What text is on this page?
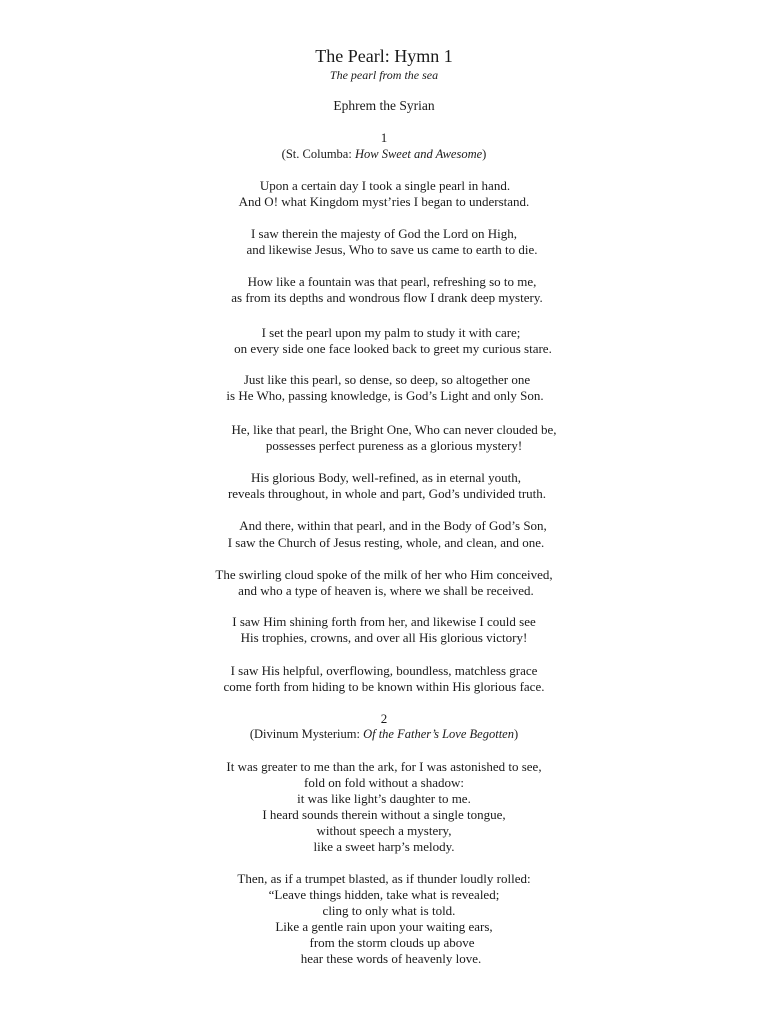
The Pearl: Hymn 1
The pearl from the sea
Ephrem the Syrian
1
(St. Columba: How Sweet and Awesome)
Upon a certain day I took a single pearl in hand.
And O! what Kingdom myst’ries I began to understand.
I saw therein the majesty of God the Lord on High,
and likewise Jesus, Who to save us came to earth to die.
How like a fountain was that pearl, refreshing so to me,
as from its depths and wondrous flow I drank deep mystery.
I set the pearl upon my palm to study it with care;
on every side one face looked back to greet my curious stare.
Just like this pearl, so dense, so deep, so altogether one
is He Who, passing knowledge, is God’s Light and only Son.
He, like that pearl, the Bright One, Who can never clouded be,
possesses perfect pureness as a glorious mystery!
His glorious Body, well-refined, as in eternal youth,
reveals throughout, in whole and part, God’s undivided truth.
And there, within that pearl, and in the Body of God’s Son,
I saw the Church of Jesus resting, whole, and clean, and one.
The swirling cloud spoke of the milk of her who Him conceived,
and who a type of heaven is, where we shall be received.
I saw Him shining forth from her, and likewise I could see
His trophies, crowns, and over all His glorious victory!
I saw His helpful, overflowing, boundless, matchless grace
come forth from hiding to be known within His glorious face.
2
(Divinum Mysterium: Of the Father’s Love Begotten)
It was greater to me than the ark, for I was astonished to see,
fold on fold without a shadow:
it was like light’s daughter to me.
I heard sounds therein without a single tongue,
without speech a mystery,
like a sweet harp’s melody.
Then, as if a trumpet blasted, as if thunder loudly rolled:
“Leave things hidden, take what is revealed;
cling to only what is told.
Like a gentle rain upon your waiting ears,
from the storm clouds up above
hear these words of heavenly love.
